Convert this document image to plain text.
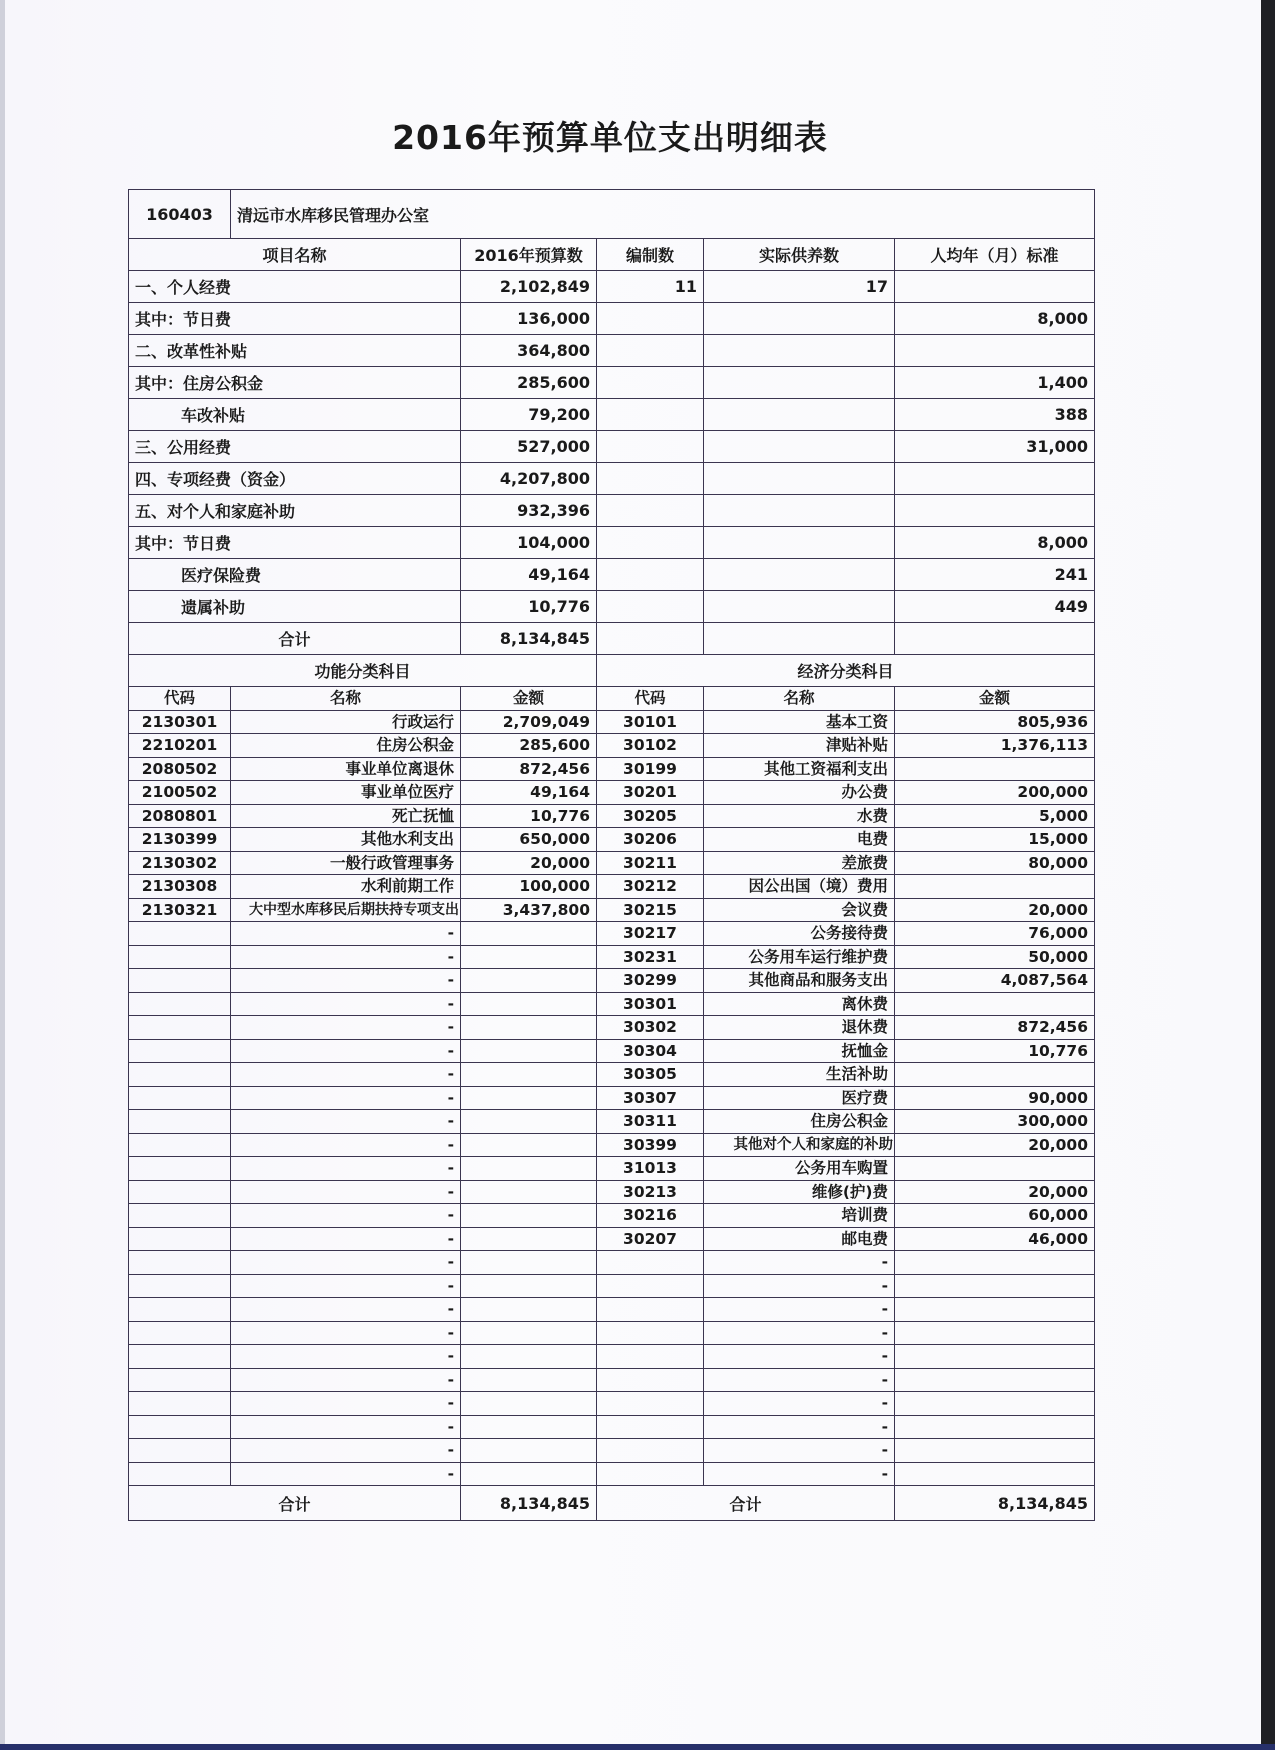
2016年预算单位支出明细表
160403	清远市水库移民管理办公室				
项目名称		2016年预算数	编制数	实际供养数	人均年（月）标准
一、个人经费		2,102,849	11	17	
其中：节日费		136,000			8,000
二、改革性补贴		364,800			
其中：住房公积金		285,600			1,400
车改补贴		79,200			388
三、公用经费		527,000			31,000
四、专项经费（资金）		4,207,800			
五、对个人和家庭补助		932,396			
其中：节日费		104,000			8,000
医疗保险费		49,164			241
遗属补助		10,776			449
合计		8,134,845			
功能分类科目			经济分类科目		
代码	名称	金额	代码	名称	金额
2130301	行政运行	2,709,049	30101	基本工资	805,936
2210201	住房公积金	285,600	30102	津贴补贴	1,376,113
2080502	事业单位离退休	872,456	30199	其他工资福利支出	
2100502	事业单位医疗	49,164	30201	办公费	200,000
2080801	死亡抚恤	10,776	30205	水费	5,000
2130399	其他水利支出	650,000	30206	电费	15,000
2130302	一般行政管理事务	20,000	30211	差旅费	80,000
2130308	水利前期工作	100,000	30212	因公出国（境）费用	
2130321	大中型水库移民后期扶持专项支出	3,437,800	30215	会议费	20,000
	-		30217	公务接待费	76,000
	-		30231	公务用车运行维护费	50,000
	-		30299	其他商品和服务支出	4,087,564
	-		30301	离休费	
	-		30302	退休费	872,456
	-		30304	抚恤金	10,776
	-		30305	生活补助	
	-		30307	医疗费	90,000
	-		30311	住房公积金	300,000
	-		30399	其他对个人和家庭的补助	20,000
	-		31013	公务用车购置	
	-		30213	维修(护)费	20,000
	-		30216	培训费	60,000
	-		30207	邮电费	46,000
	-			-	
	-			-	
	-			-	
	-			-	
	-			-	
	-			-	
	-			-	
	-			-	
	-			-	
	-			-	
合计		8,134,845	合计		8,134,845
